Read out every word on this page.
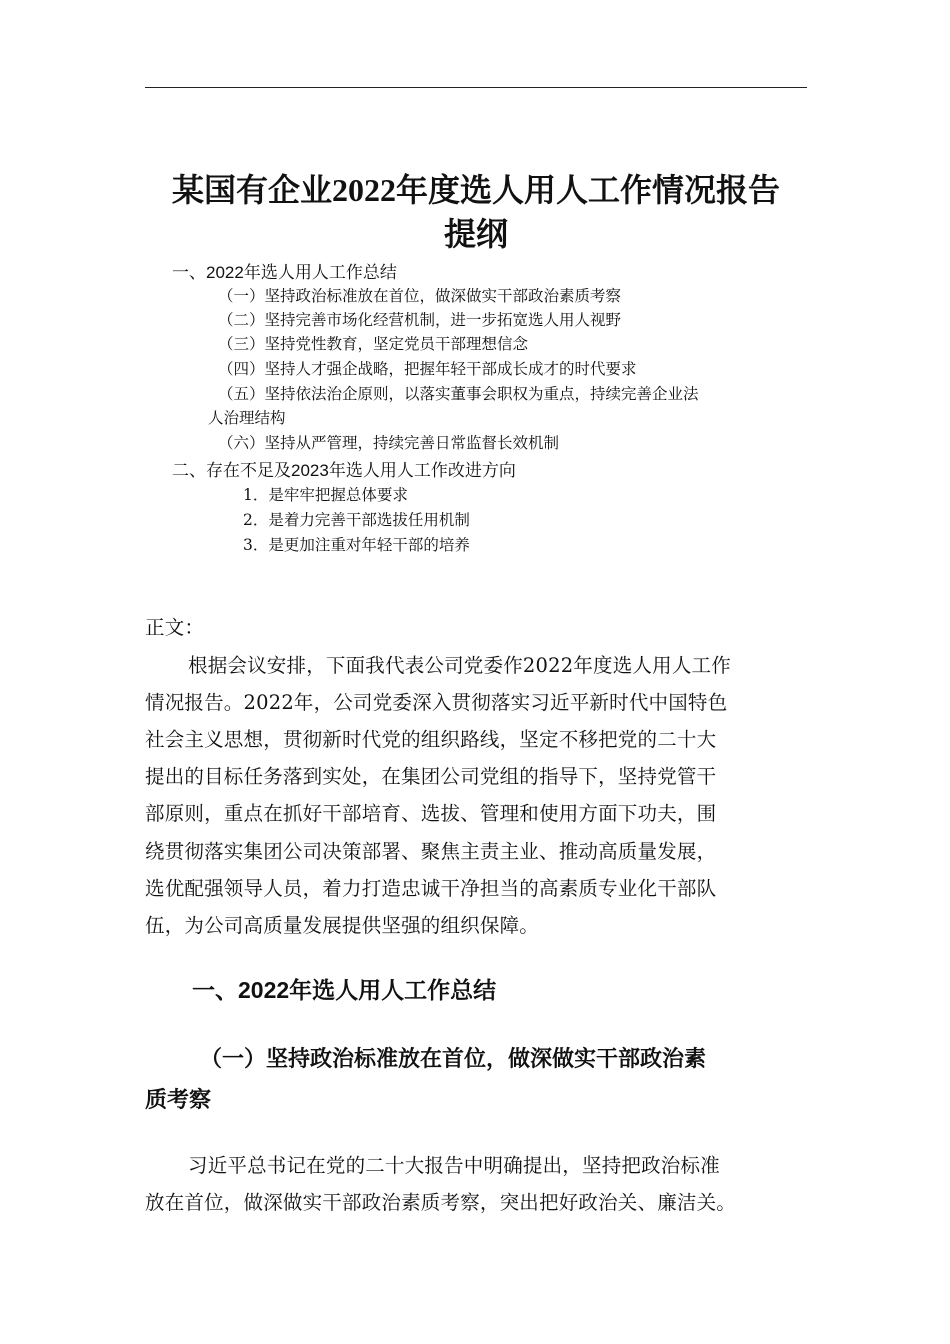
某国有企业2022年度选人用人工作情况报告
提纲
一、2022年选人用人工作总结
（一）坚持政治标准放在首位，做深做实干部政治素质考察
（二）坚持完善市场化经营机制，进一步拓宽选人用人视野
（三）坚持党性教育，坚定党员干部理想信念
（四）坚持人才强企战略，把握年轻干部成长成才的时代要求
（五）坚持依法治企原则，以落实董事会职权为重点，持续完善企业法
人治理结构
（六）坚持从严管理，持续完善日常监督长效机制
二、存在不足及2023年选人用人工作改进方向
1．是牢牢把握总体要求
2．是着力完善干部选拔任用机制
3．是更加注重对年轻干部的培养
正文：
根据会议安排，下面我代表公司党委作2022年度选人用人工作
情况报告。2022年，公司党委深入贯彻落实习近平新时代中国特色
社会主义思想，贯彻新时代党的组织路线，坚定不移把党的二十大
提出的目标任务落到实处，在集团公司党组的指导下，坚持党管干
部原则，重点在抓好干部培育、选拔、管理和使用方面下功夫，围
绕贯彻落实集团公司决策部署、聚焦主责主业、推动高质量发展，
选优配强领导人员，着力打造忠诚干净担当的高素质专业化干部队
伍，为公司高质量发展提供坚强的组织保障。
一、2022年选人用人工作总结
（一）坚持政治标准放在首位，做深做实干部政治素
质考察
习近平总书记在党的二十大报告中明确提出，坚持把政治标准
放在首位，做深做实干部政治素质考察，突出把好政治关、廉洁关。
